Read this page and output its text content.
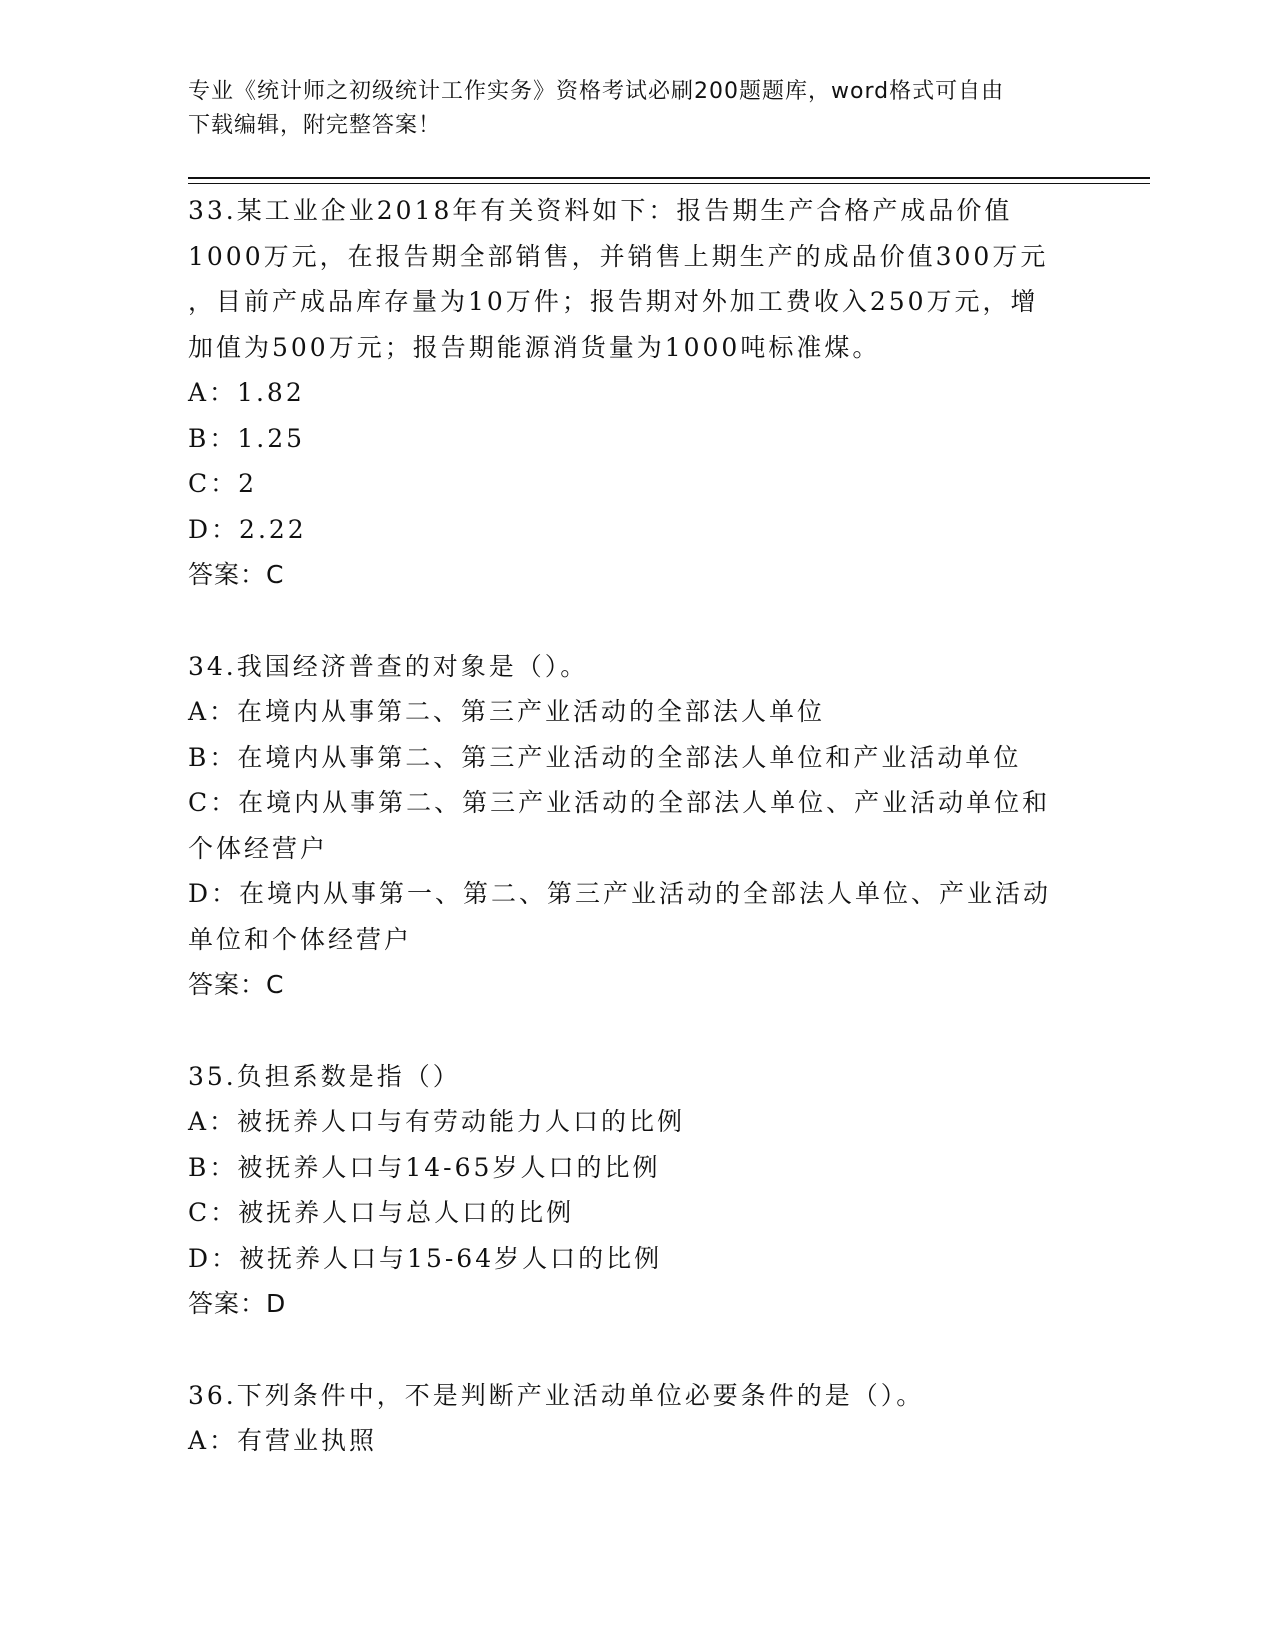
专业《统计师之初级统计工作实务》资格考试必刷200题题库，word格式可自由
下载编辑，附完整答案！
33.某工业企业2018年有关资料如下：报告期生产合格产成品价值
1000万元，在报告期全部销售，并销售上期生产的成品价值300万元
，目前产成品库存量为10万件；报告期对外加工费收入250万元，增
加值为500万元；报告期能源消货量为1000吨标准煤。
A：1.82
B：1.25
C：2
D：2.22
答案：C
34.我国经济普查的对象是（）。
A：在境内从事第二、第三产业活动的全部法人单位
B：在境内从事第二、第三产业活动的全部法人单位和产业活动单位
C：在境内从事第二、第三产业活动的全部法人单位、产业活动单位和
个体经营户
D：在境内从事第一、第二、第三产业活动的全部法人单位、产业活动
单位和个体经营户
答案：C
35.负担系数是指（）
A：被抚养人口与有劳动能力人口的比例
B：被抚养人口与14-65岁人口的比例
C：被抚养人口与总人口的比例
D：被抚养人口与15-64岁人口的比例
答案：D
36.下列条件中，不是判断产业活动单位必要条件的是（）。
A：有营业执照
